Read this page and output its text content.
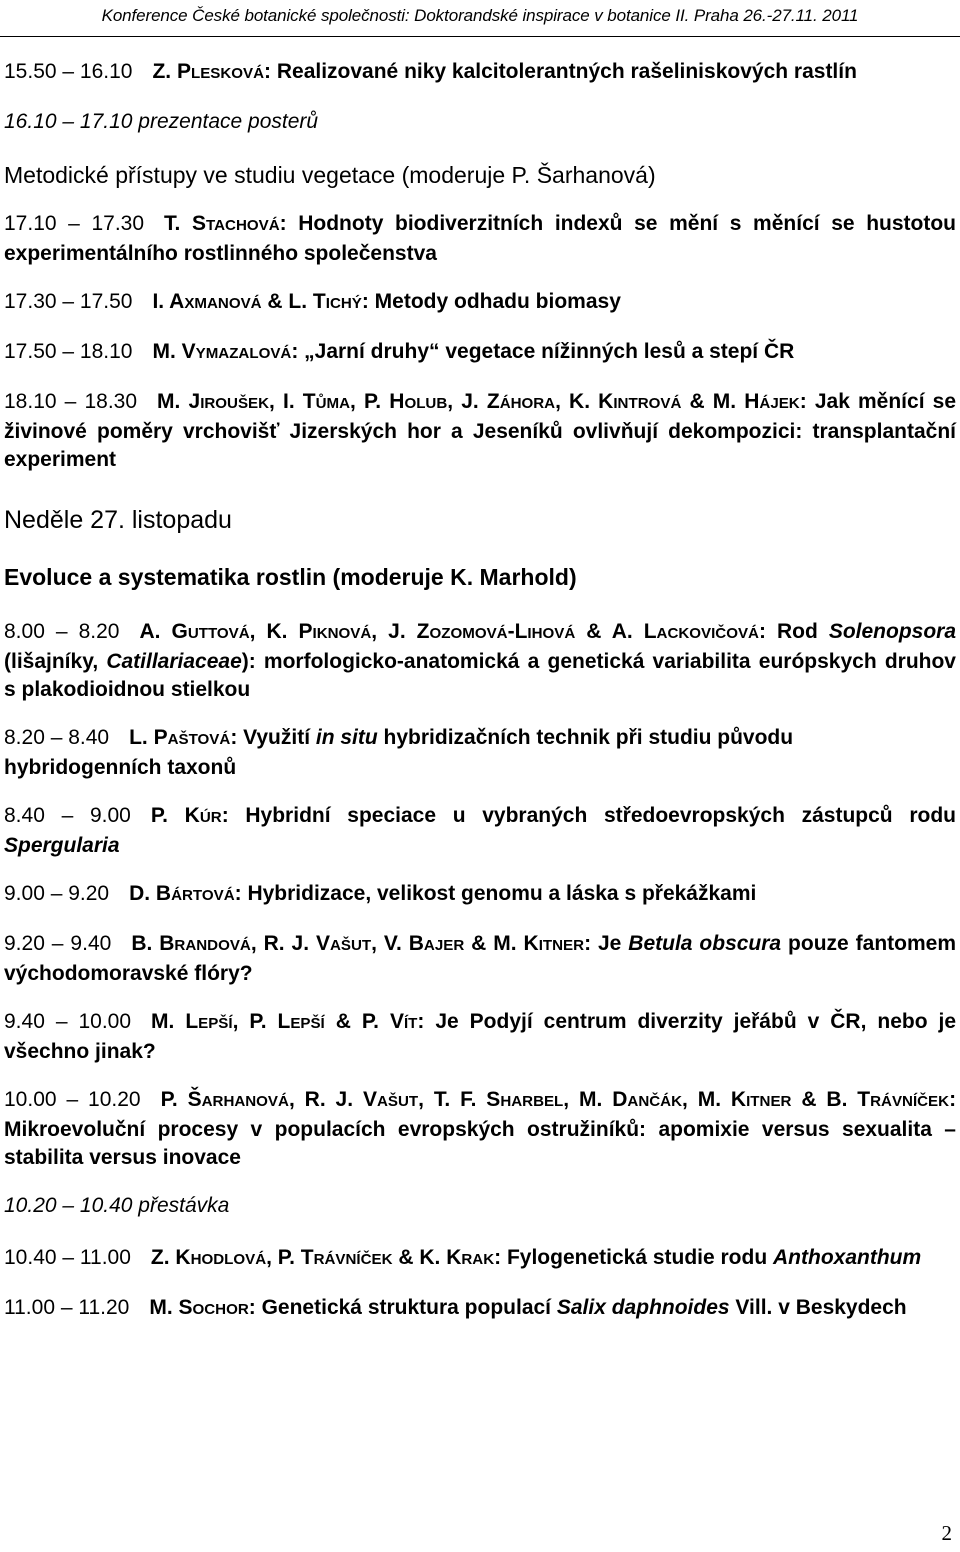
Konference České botanické společnosti: Doktorandské inspirace v botanice II. Praha 26.-27.11. 2011

15.50 – 16.10 Z. PLESKOVÁ: Realizované niky kalcitolerantných rašeliniskových rastlín

16.10 – 17.10 prezentace posterů

Metodické přístupy ve studiu vegetace (moderuje P. Šarhanová)

17.10 – 17.30 T. STACHOVÁ: Hodnoty biodiverzitních indexů se mění s měnící se hustotou experimentálního rostlinného společenstva

17.30 – 17.50 I. AXMANOVÁ & L. TICHÝ: Metody odhadu biomasy

17.50 – 18.10 M. VYMAZALOVÁ: „Jarní druhy“ vegetace nížinných lesů a stepí ČR

18.10 – 18.30 M. JIROUŠEK, I. TŮMA, P. HOLUB, J. ZÁHORA, K. KINTROVÁ & M. HÁJEK: Jak měnící se živinové poměry vrchovišť Jizerských hor a Jeseníků ovlivňují dekompozici: transplantační experiment

Neděle 27. listopadu

Evoluce a systematika rostlin (moderuje K. Marhold)

8.00 – 8.20 A. GUTTOVÁ, K. PIKNOVÁ, J. ZOZOMOVÁ-LIHOVÁ & A. LACKOVIČOVÁ: Rod Solenopsora (lišajníky, Catillariaceae): morfologicko-anatomická a genetická variabilita európskych druhov s plakodioidnou stielkou

8.20 – 8.40 L. PAŠTOVÁ: Využití in situ hybridizačních technik při studiu původu hybridogenních taxonů

8.40 – 9.00 P. KÚR: Hybridní speciace u vybraných středoevropských zástupců rodu Spergularia

9.00 – 9.20 D. BÁRTOVÁ: Hybridizace, velikost genomu a láska s překážkami

9.20 – 9.40 B. BRANDOVÁ, R. J. VAŠUT, V. BAJER & M. KITNER: Je Betula obscura pouze fantomem východomoravské flóry?

9.40 – 10.00 M. LEPŠÍ, P. LEPŠÍ & P. VÍT: Je Podyjí centrum diverzity jeřábů v ČR, nebo je všechno jinak?

10.00 – 10.20 P. ŠARHANOVÁ, R. J. VAŠUT, T. F. SHARBEL, M. DANČÁK, M. KITNER & B. TRÁVNÍČEK: Mikroevoluční procesy v populacích evropských ostružiníků: apomixie versus sexualita – stabilita versus inovace

10.20 – 10.40 přestávka

10.40 – 11.00 Z. KHODLOVÁ, P. TRÁVNÍČEK & K. KRAK: Fylogenetická studie rodu Anthoxanthum

11.00 – 11.20 M. SOCHOR: Genetická struktura populací Salix daphnoides Vill. v Beskydech

2
